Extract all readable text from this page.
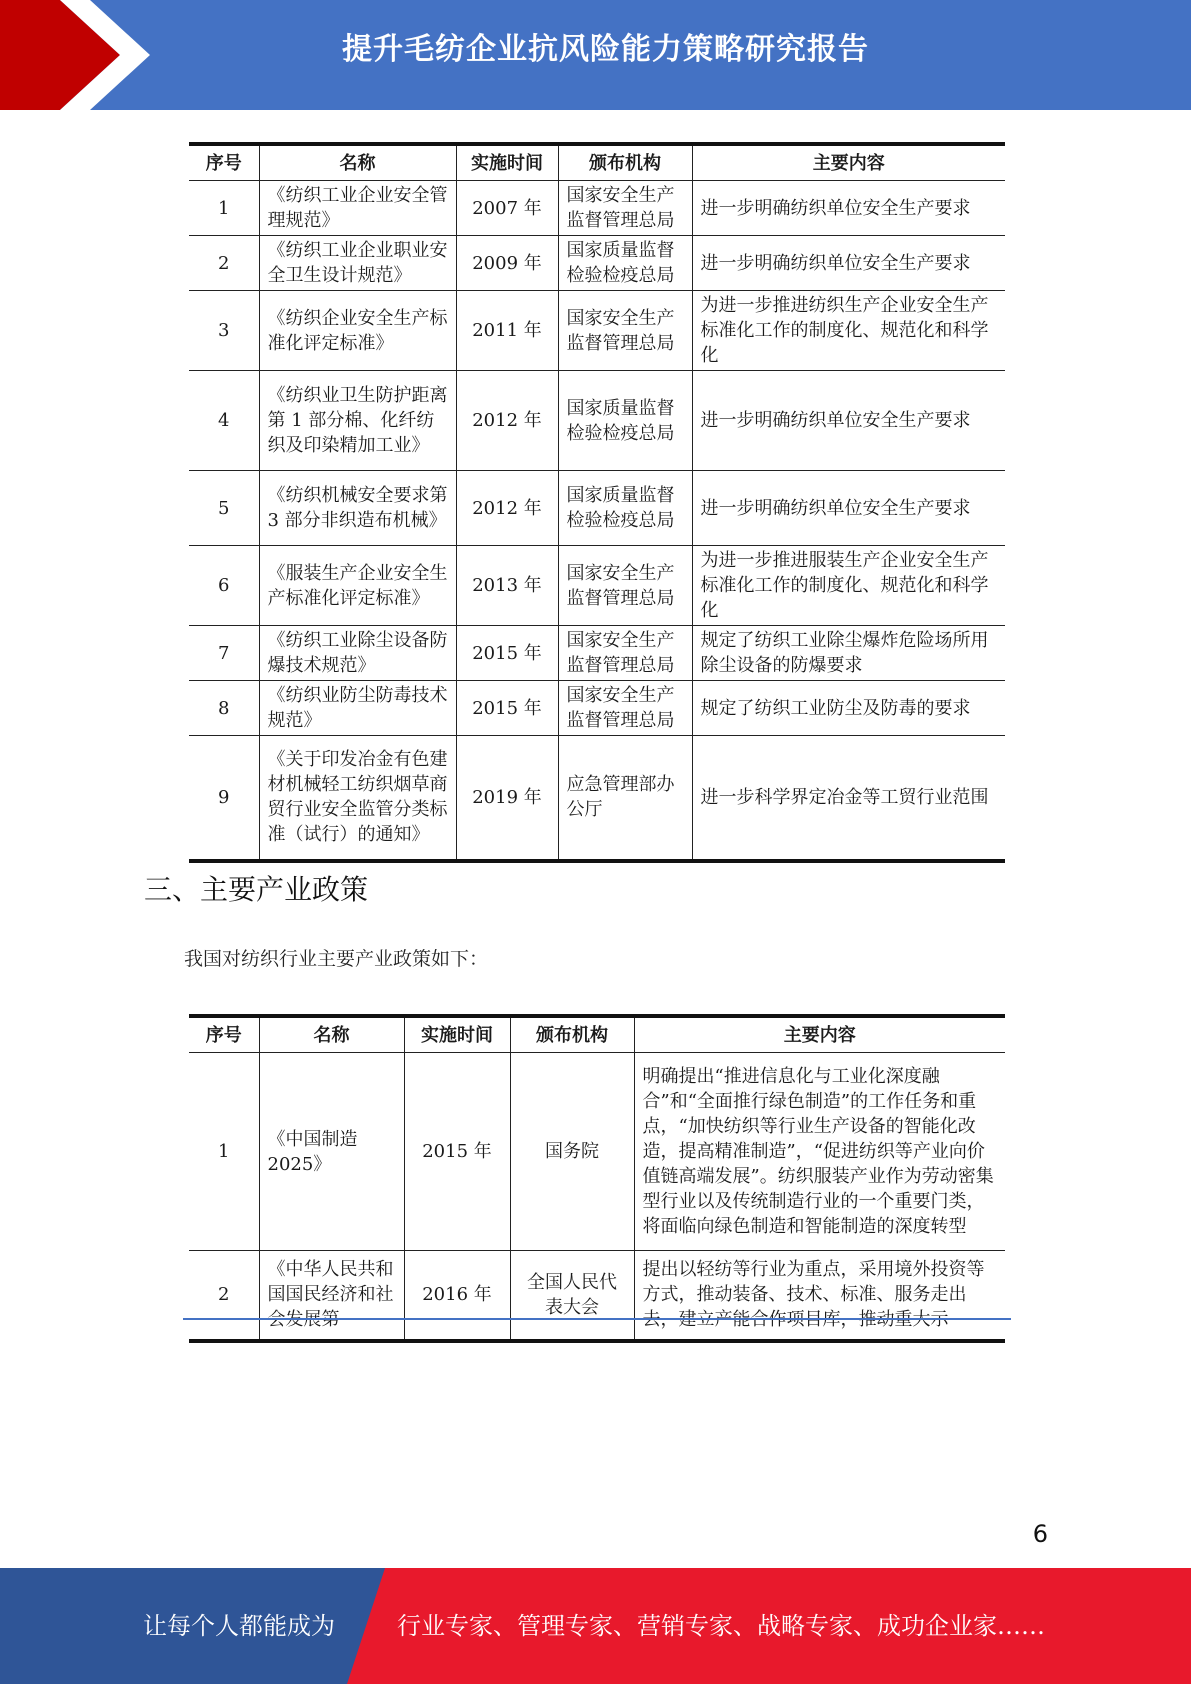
提升毛纺企业抗风险能力策略研究报告
序号	名称	实施时间	颁布机构	主要内容
1	《纺织工业企业安全管理规范》	2007 年	国家安全生产监督管理总局	进一步明确纺织单位安全生产要求
2	《纺织工业企业职业安全卫生设计规范》	2009 年	国家质量监督检验检疫总局	进一步明确纺织单位安全生产要求
3	《纺织企业安全生产标准化评定标准》	2011 年	国家安全生产监督管理总局	为进一步推进纺织生产企业安全生产标准化工作的制度化、规范化和科学化
4	《纺织业卫生防护距离第 1 部分棉、化纤纺织及印染精加工业》	2012 年	国家质量监督检验检疫总局	进一步明确纺织单位安全生产要求
5	《纺织机械安全要求第 3 部分非织造布机械》	2012 年	国家质量监督检验检疫总局	进一步明确纺织单位安全生产要求
6	《服装生产企业安全生产标准化评定标准》	2013 年	国家安全生产监督管理总局	为进一步推进服装生产企业安全生产标准化工作的制度化、规范化和科学化
7	《纺织工业除尘设备防爆技术规范》	2015 年	国家安全生产监督管理总局	规定了纺织工业除尘爆炸危险场所用除尘设备的防爆要求
8	《纺织业防尘防毒技术规范》	2015 年	国家安全生产监督管理总局	规定了纺织工业防尘及防毒的要求
9	《关于印发冶金有色建材机械轻工纺织烟草商贸行业安全监管分类标准（试行）的通知》	2019 年	应急管理部办公厅	进一步科学界定冶金等工贸行业范围
三、主要产业政策
我国对纺织行业主要产业政策如下：
序号	名称	实施时间	颁布机构	主要内容
1	《中国制造 2025》	2015 年	国务院	明确提出“推进信息化与工业化深度融合”和“全面推行绿色制造”的工作任务和重点，“加快纺织等行业生产设备的智能化改造，提高精准制造”，“促进纺织等产业向价值链高端发展”。纺织服装产业作为劳动密集型行业以及传统制造行业的一个重要门类，将面临向绿色制造和智能制造的深度转型
2	《中华人民共和国国民经济和社	2016 年	全国人民代表大会	提出以轻纺等行业为重点，采用境外投资等方式，推动装备、技术、标准、服务走出
6
让每个人都能成为	行业专家、管理专家、营销专家、战略专家、成功企业家……
